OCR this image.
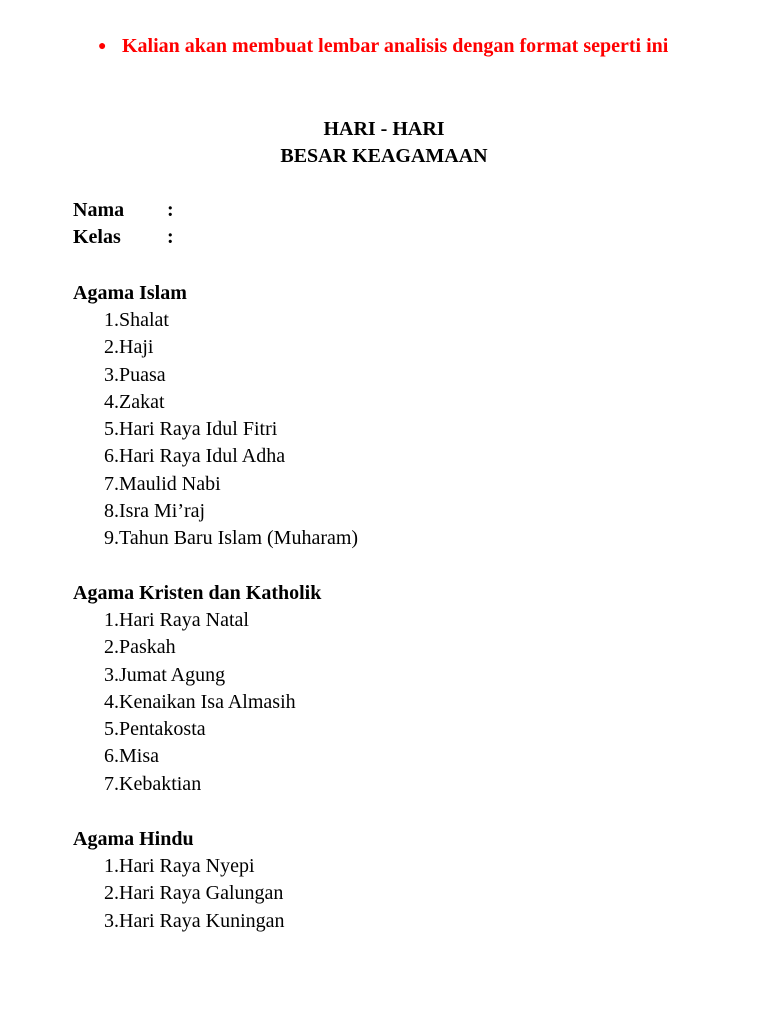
● Kalian akan membuat lembar analisis dengan format seperti ini
HARI - HARI
BESAR KEAGAMAAN
Nama	:
Kelas	:

Agama Islam

1. Shalat
2. Haji
3. Puasa
4. Zakat
5. Hari Raya Idul Fitri
6. Hari Raya Idul Adha
7. Maulid Nabi
8. Isra Mi’raj
9. Tahun Baru Islam (Muharam)

Agama Kristen dan Katholik

1. Hari Raya Natal
2. Paskah
3. Jumat Agung
4. Kenaikan Isa Almasih
5. Pentakosta
6. Misa
7. Kebaktian

Agama Hindu

1. Hari Raya Nyepi
2. Hari Raya Galungan
3. Hari Raya Kuningan
